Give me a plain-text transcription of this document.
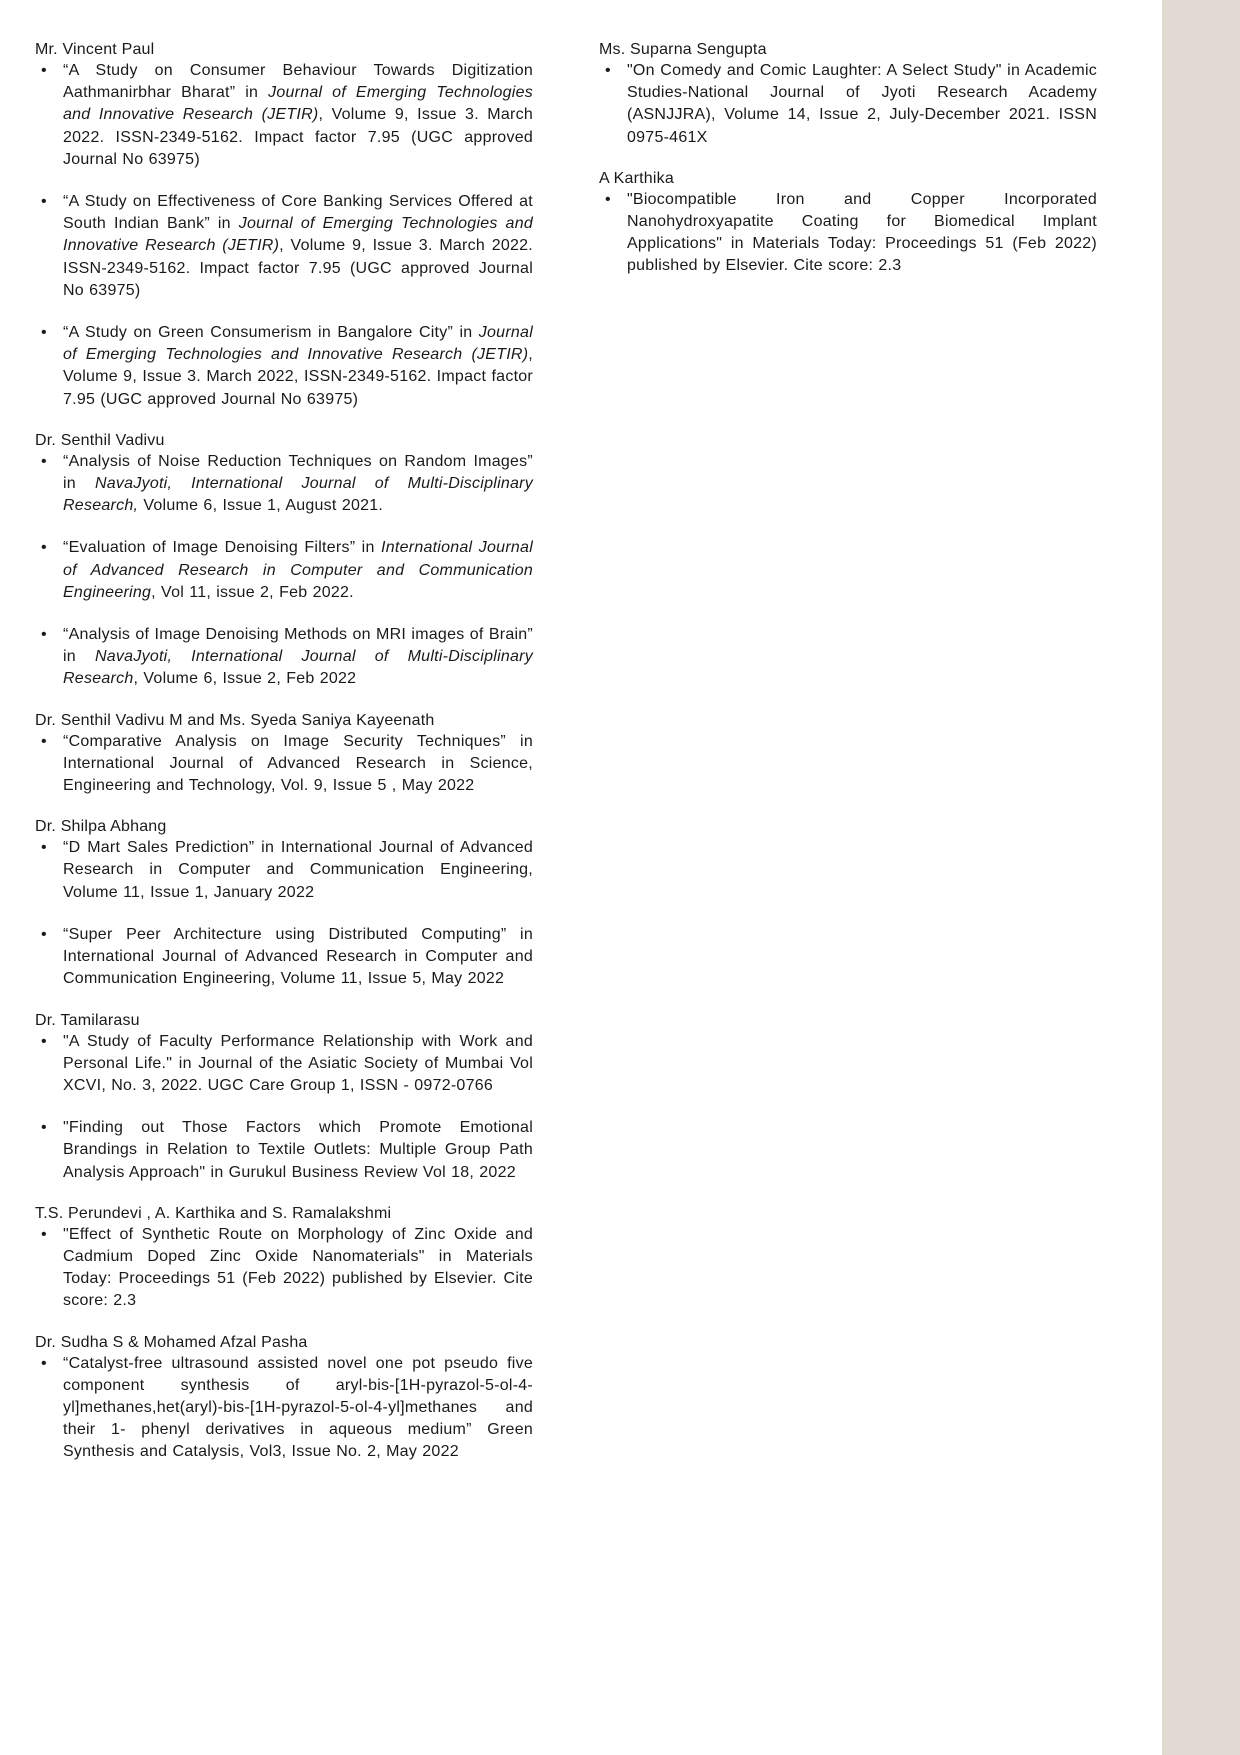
Mr. Vincent Paul

• “A Study on Consumer Behaviour Towards Digitization Aathmanirbhar Bharat” in Journal of Emerging Technologies and Innovative Research (JETIR), Volume 9, Issue 3. March 2022. ISSN-2349-5162. Impact factor 7.95 (UGC approved Journal No 63975)
• “A Study on Effectiveness of Core Banking Services Offered at South Indian Bank” in Journal of Emerging Technologies and Innovative Research (JETIR), Volume 9, Issue 3. March 2022. ISSN-2349-5162. Impact factor 7.95 (UGC approved Journal No 63975)
• “A Study on Green Consumerism in Bangalore City” in Journal of Emerging Technologies and Innovative Research (JETIR), Volume 9, Issue 3. March 2022, ISSN-2349-5162. Impact factor 7.95 (UGC approved Journal No 63975)

Dr. Senthil Vadivu

• “Analysis of Noise Reduction Techniques on Random Images” in NavaJyoti, International Journal of Multi-Disciplinary Research, Volume 6, Issue 1, August 2021.
• “Evaluation of Image Denoising Filters” in International Journal of Advanced Research in Computer and Communication Engineering, Vol 11, issue 2, Feb 2022.
• “Analysis of Image Denoising Methods on MRI images of Brain” in NavaJyoti, International Journal of Multi-Disciplinary Research, Volume 6, Issue 2, Feb 2022

Dr. Senthil Vadivu M and Ms. Syeda Saniya Kayeenath

• “Comparative Analysis on Image Security Techniques” in International Journal of Advanced Research in Science, Engineering and Technology, Vol. 9, Issue 5 , May 2022

Dr. Shilpa Abhang

• “D Mart Sales Prediction” in International Journal of Advanced Research in Computer and Communication Engineering, Volume 11, Issue 1, January 2022
• “Super Peer Architecture using Distributed Computing” in International Journal of Advanced Research in Computer and Communication Engineering, Volume 11, Issue 5, May 2022

Dr. Tamilarasu

• "A Study of Faculty Performance Relationship with Work and Personal Life." in Journal of the Asiatic Society of Mumbai Vol XCVI, No. 3, 2022. UGC Care Group 1, ISSN - 0972-0766
• "Finding out Those Factors which Promote Emotional Brandings in Relation to Textile Outlets: Multiple Group Path Analysis Approach" in Gurukul Business Review Vol 18, 2022

T.S. Perundevi , A. Karthika and S. Ramalakshmi

• "Effect of Synthetic Route on Morphology of Zinc Oxide and Cadmium Doped Zinc Oxide Nanomaterials" in Materials Today: Proceedings 51 (Feb 2022) published by Elsevier. Cite score: 2.3

Dr. Sudha S & Mohamed Afzal Pasha

• “Catalyst-free ultrasound assisted novel one pot pseudo five component synthesis of aryl-bis-[1H-pyrazol-5-ol-4-yl]methanes,het(aryl)-bis-[1H-pyrazol-5-ol-4-yl]methanes and their 1- phenyl derivatives in aqueous medium” Green Synthesis and Catalysis, Vol3, Issue No. 2, May 2022

Ms. Suparna Sengupta

• "On Comedy and Comic Laughter: A Select Study" in Academic Studies-National Journal of Jyoti Research Academy (ASNJJRA), Volume 14, Issue 2, July-December 2021. ISSN 0975-461X

A Karthika

• "Biocompatible Iron and Copper Incorporated Nanohydroxyapatite Coating for Biomedical Implant Applications" in Materials Today: Proceedings 51 (Feb 2022) published by Elsevier. Cite score: 2.3
